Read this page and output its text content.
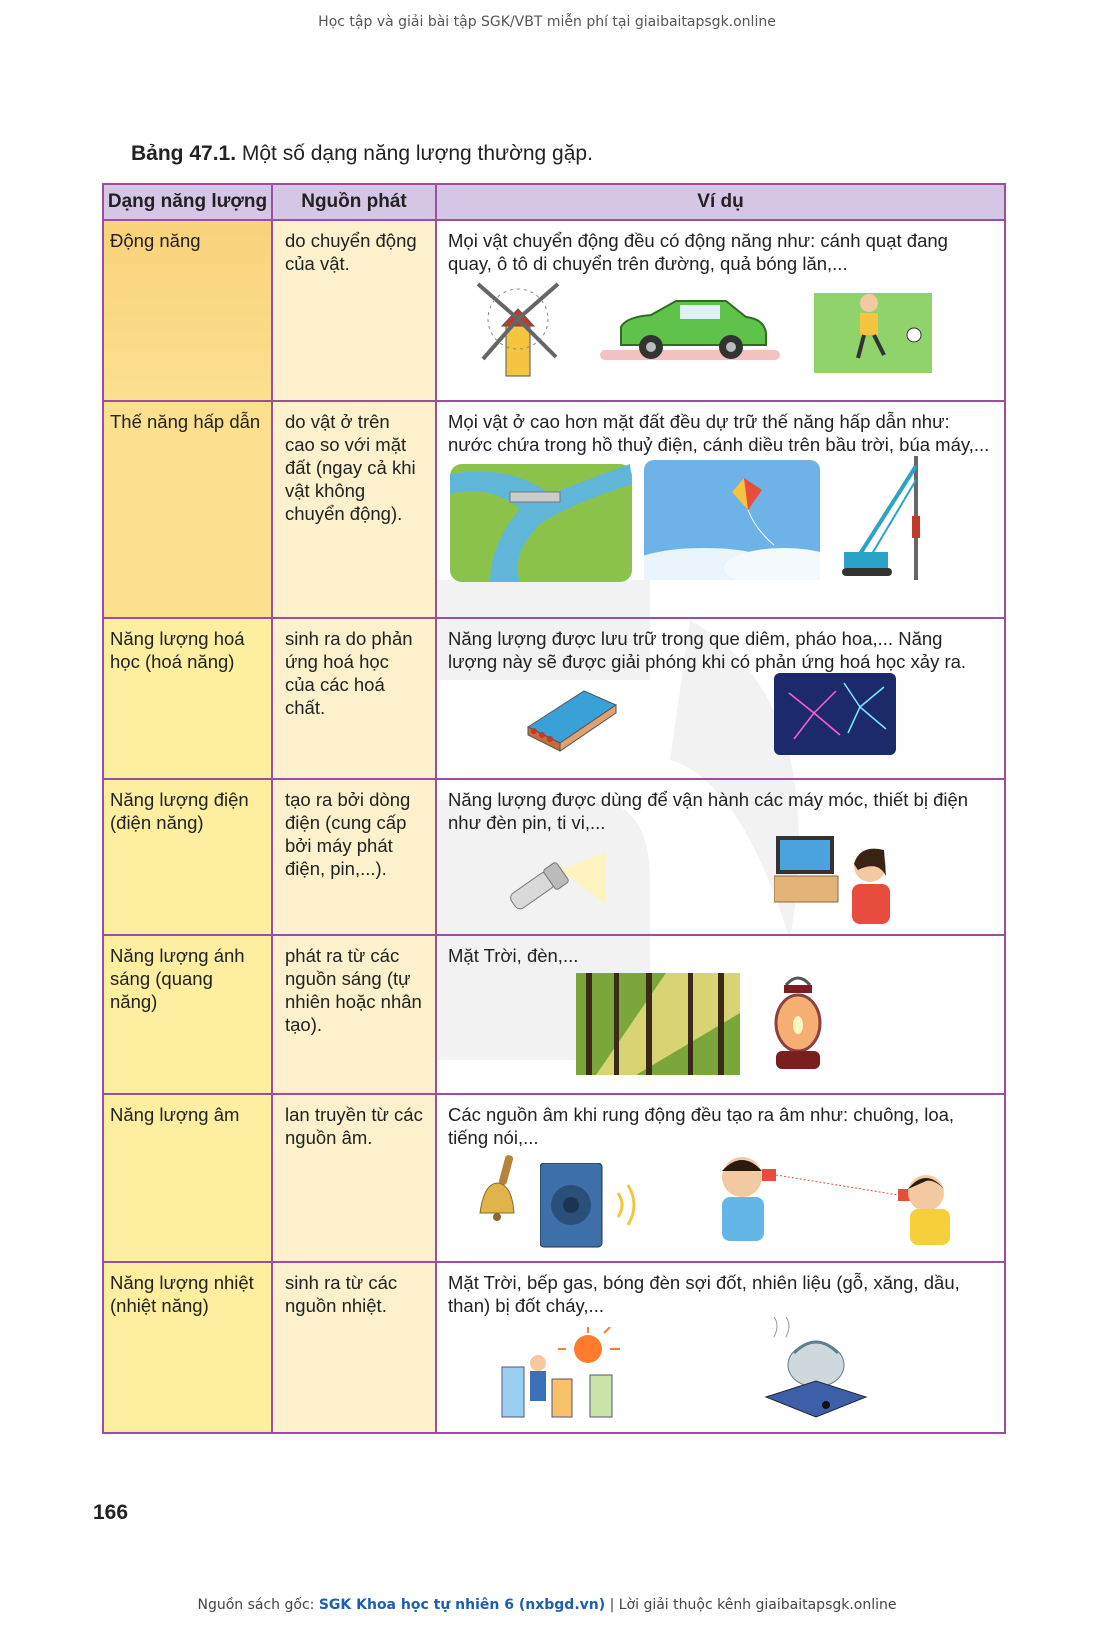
Học tập và giải bài tập SGK/VBT miễn phí tại giaibaitapsgk.online
Bảng 47.1. Một số dạng năng lượng thường gặp.
Dạng năng lượng	Nguồn phát	Ví dụ
Động năng	do chuyển động của vật.	Mọi vật chuyển động đều có động năng như: cánh quạt đang quay, ô tô di chuyển trên đường, quả bóng lăn,...

Thế năng hấp dẫn	do vật ở trên cao so với mặt đất (ngay cả khi vật không chuyển động).	Mọi vật ở cao hơn mặt đất đều dự trữ thế năng hấp dẫn như: nước chứa trong hồ thuỷ điện, cánh diều trên bầu trời, búa máy,...

Năng lượng hoá học (hoá năng)	sinh ra do phản ứng hoá học của các hoá chất.	Năng lượng được lưu trữ trong que diêm, pháo hoa,... Năng lượng này sẽ được giải phóng khi có phản ứng hoá học xảy ra.

Năng lượng điện (điện năng)	tạo ra bởi dòng điện (cung cấp bởi máy phát điện, pin,...).	Năng lượng được dùng để vận hành các máy móc, thiết bị điện như đèn pin, ti vi,...

Năng lượng ánh sáng (quang năng)	phát ra từ các nguồn sáng (tự nhiên hoặc nhân tạo).	Mặt Trời, đèn,...

Năng lượng âm	lan truyền từ các nguồn âm.	Các nguồn âm khi rung động đều tạo ra âm như: chuông, loa, tiếng nói,...

Năng lượng nhiệt (nhiệt năng)	sinh ra từ các nguồn nhiệt.	Mặt Trời, bếp gas, bóng đèn sợi đốt, nhiên liệu (gỗ, xăng, dầu, than) bị đốt cháy,...
166
Nguồn sách gốc: SGK Khoa học tự nhiên 6 (nxbgd.vn) | Lời giải thuộc kênh giaibaitapsgk.online
